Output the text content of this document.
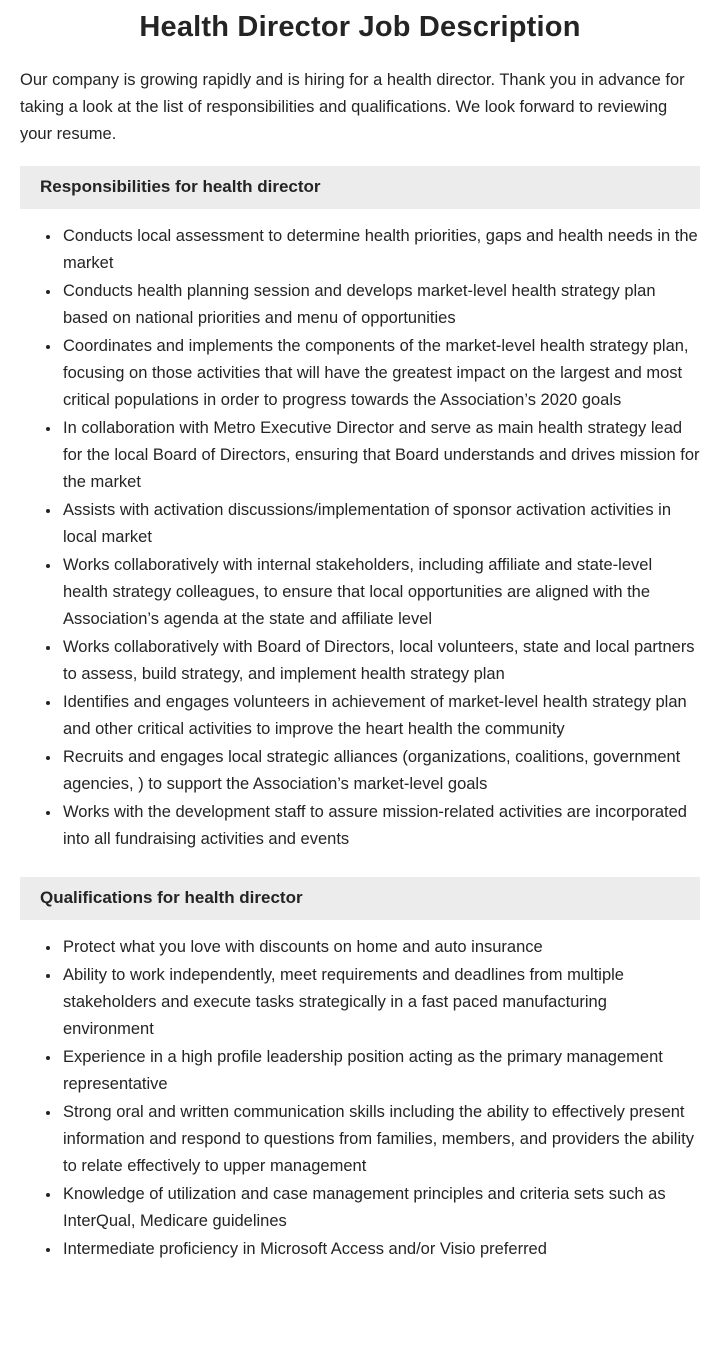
Health Director Job Description

Our company is growing rapidly and is hiring for a health director. Thank you in advance for taking a look at the list of responsibilities and qualifications. We look forward to reviewing your resume.

Responsibilities for health director
• Conducts local assessment to determine health priorities, gaps and health needs in the market
• Conducts health planning session and develops market-level health strategy plan based on national priorities and menu of opportunities
• Coordinates and implements the components of the market-level health strategy plan, focusing on those activities that will have the greatest impact on the largest and most critical populations in order to progress towards the Association’s 2020 goals
• In collaboration with Metro Executive Director and serve as main health strategy lead for the local Board of Directors, ensuring that Board understands and drives mission for the market
• Assists with activation discussions/implementation of sponsor activation activities in local market
• Works collaboratively with internal stakeholders, including affiliate and state-level health strategy colleagues, to ensure that local opportunities are aligned with the Association’s agenda at the state and affiliate level
• Works collaboratively with Board of Directors, local volunteers, state and local partners to assess, build strategy, and implement health strategy plan
• Identifies and engages volunteers in achievement of market-level health strategy plan and other critical activities to improve the heart health the community
• Recruits and engages local strategic alliances (organizations, coalitions, government agencies, ) to support the Association’s market-level goals
• Works with the development staff to assure mission-related activities are incorporated into all fundraising activities and events
Qualifications for health director
• Protect what you love with discounts on home and auto insurance
• Ability to work independently, meet requirements and deadlines from multiple stakeholders and execute tasks strategically in a fast paced manufacturing environment
• Experience in a high profile leadership position acting as the primary management representative
• Strong oral and written communication skills including the ability to effectively present information and respond to questions from families, members, and providers the ability to relate effectively to upper management
• Knowledge of utilization and case management principles and criteria sets such as InterQual, Medicare guidelines
• Intermediate proficiency in Microsoft Access and/or Visio preferred
